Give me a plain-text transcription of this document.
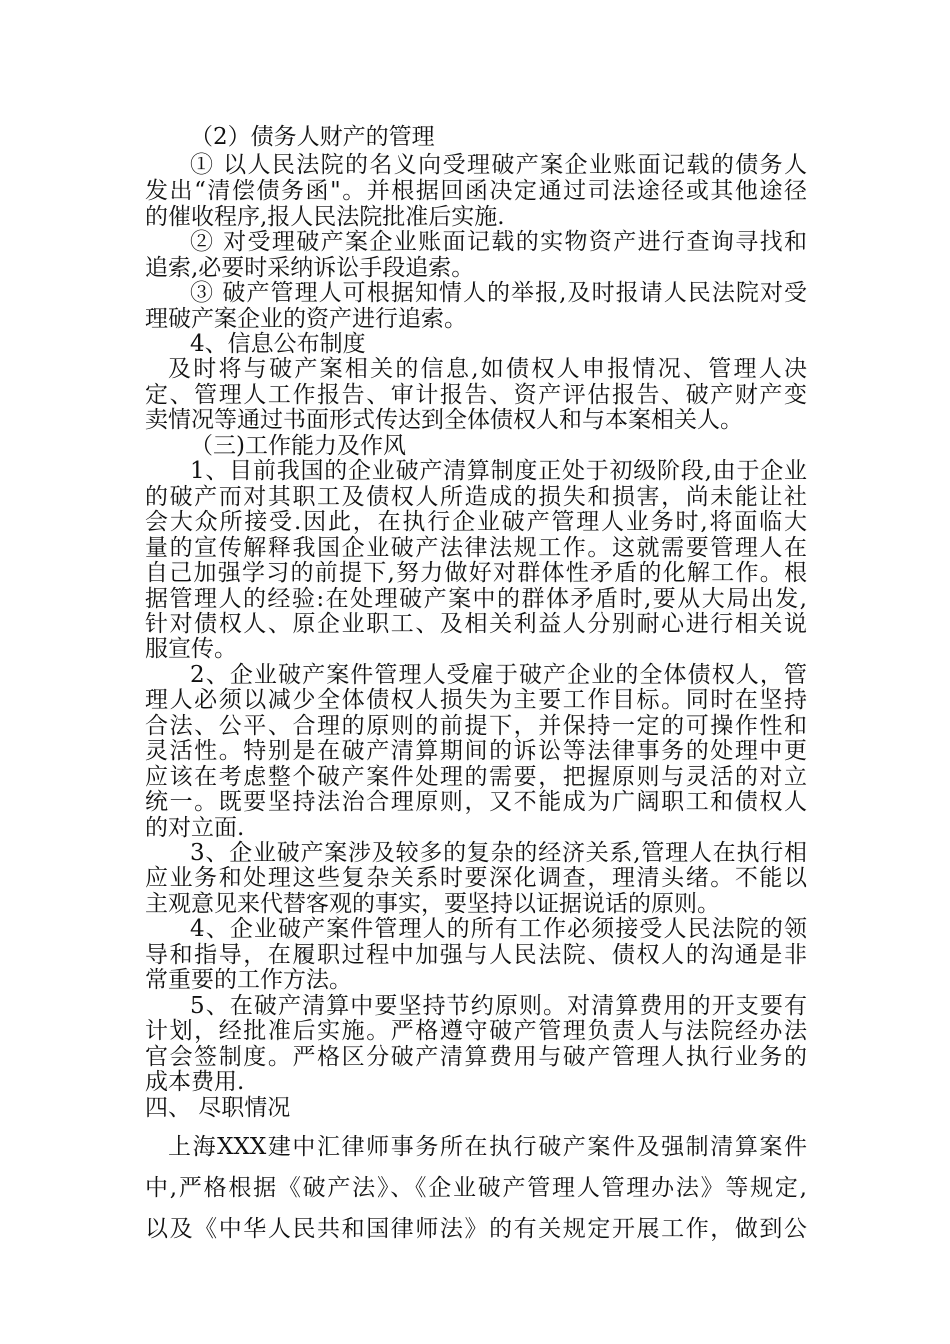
（2）债务人财产的管理
① 以人民法院的名义向受理破产案企业账面记载的债务人
发出“清偿债务函"。并根据回函决定通过司法途径或其他途径
的催收程序,报人民法院批准后实施.
② 对受理破产案企业账面记载的实物资产进行查询寻找和
追索,必要时采纳诉讼手段追索。
③ 破产管理人可根据知情人的举报,及时报请人民法院对受
理破产案企业的资产进行追索。
4、信息公布制度
及时将与破产案相关的信息,如债权人申报情况、管理人决
定、管理人工作报告、审计报告、资产评估报告、破产财产变
卖情况等通过书面形式传达到全体债权人和与本案相关人。
（三)工作能力及作风
1、目前我国的企业破产清算制度正处于初级阶段,由于企业
的破产而对其职工及债权人所造成的损失和损害，尚未能让社
会大众所接受.因此，在执行企业破产管理人业务时,将面临大
量的宣传解释我国企业破产法律法规工作。这就需要管理人在
自己加强学习的前提下,努力做好对群体性矛盾的化解工作。根
据管理人的经验:在处理破产案中的群体矛盾时,要从大局出发,
针对债权人、原企业职工、及相关利益人分别耐心进行相关说
服宣传。
2、企业破产案件管理人受雇于破产企业的全体债权人，管
理人必须以减少全体债权人损失为主要工作目标。同时在坚持
合法、公平、合理的原则的前提下，并保持一定的可操作性和
灵活性。特别是在破产清算期间的诉讼等法律事务的处理中更
应该在考虑整个破产案件处理的需要，把握原则与灵活的对立
统一。既要坚持法治合理原则，又不能成为广阔职工和债权人
的对立面.
3、企业破产案涉及较多的复杂的经济关系,管理人在执行相
应业务和处理这些复杂关系时要深化调查，理清头绪。不能以
主观意见来代替客观的事实，要坚持以证据说话的原则。
4、企业破产案件管理人的所有工作必须接受人民法院的领
导和指导，在履职过程中加强与人民法院、债权人的沟通是非
常重要的工作方法。
5、在破产清算中要坚持节约原则。对清算费用的开支要有
计划，经批准后实施。严格遵守破产管理负责人与法院经办法
官会签制度。严格区分破产清算费用与破产管理人执行业务的
成本费用.
四、 尽职情况
上海XXX建中汇律师事务所在执行破产案件及强制清算案件
中,严格根据《破产法》、《企业破产管理人管理办法》等规定,
以及《中华人民共和国律师法》的有关规定开展工作，做到公
